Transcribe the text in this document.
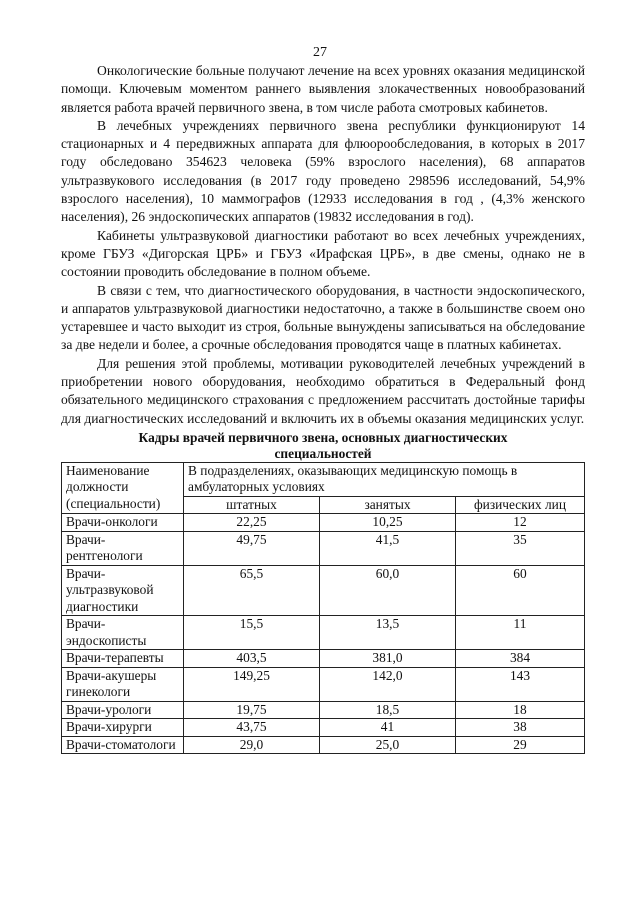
27

Онкологические больные получают лечение на всех уровнях оказания медицинской помощи. Ключевым моментом раннего выявления злокачественных новообразований является работа врачей первичного звена, в том числе работа смотровых кабинетов.

В лечебных учреждениях первичного звена республики функционируют 14 стационарных и 4 передвижных аппарата для флюорообследования, в которых в 2017 году обследовано 354623 человека (59% взрослого населения), 68 аппаратов ультразвукового исследования (в 2017 году проведено 298596 исследований, 54,9% взрослого населения), 10 маммографов (12933 исследования в год , (4,3% женского населения), 26 эндоскопических аппаратов (19832 исследования в год).

Кабинеты ультразвуковой диагностики работают во всех лечебных учреждениях, кроме ГБУЗ «Дигорская ЦРБ» и ГБУЗ «Ирафская ЦРБ», в две смены, однако не в состоянии проводить обследование в полном объеме.

В связи с тем, что диагностического оборудования, в частности эндоскопического, и аппаратов ультразвуковой диагностики недостаточно, а также в большинстве своем оно устаревшее и часто выходит из строя, больные вынуждены записываться на обследование за две недели и более, а срочные обследования проводятся чаще в платных кабинетах.

Для решения этой проблемы, мотивации руководителей лечебных учреждений в приобретении нового оборудования, необходимо обратиться в Федеральный фонд обязательного медицинского страхования с предложением рассчитать достойные тарифы для диагностических исследований и включить их в объемы оказания медицинских услуг.

Кадры врачей первичного звена, основных диагностических специальностей
Наименование должности (специальности)	В подразделениях, оказывающих медицинскую помощь в амбулаторных условиях		
	штатных	занятых	физических лиц
Врачи-онкологи	22,25	10,25	12
Врачи-рентгенологи	49,75	41,5	35
Врачи-ультразвуковой диагностики	65,5	60,0	60
Врачи-эндоскописты	15,5	13,5	11
Врачи-терапевты	403,5	381,0	384
Врачи-акушеры гинекологи	149,25	142,0	143
Врачи-урологи	19,75	18,5	18
Врачи-хирурги	43,75	41	38
Врачи-стоматологи	29,0	25,0	29
